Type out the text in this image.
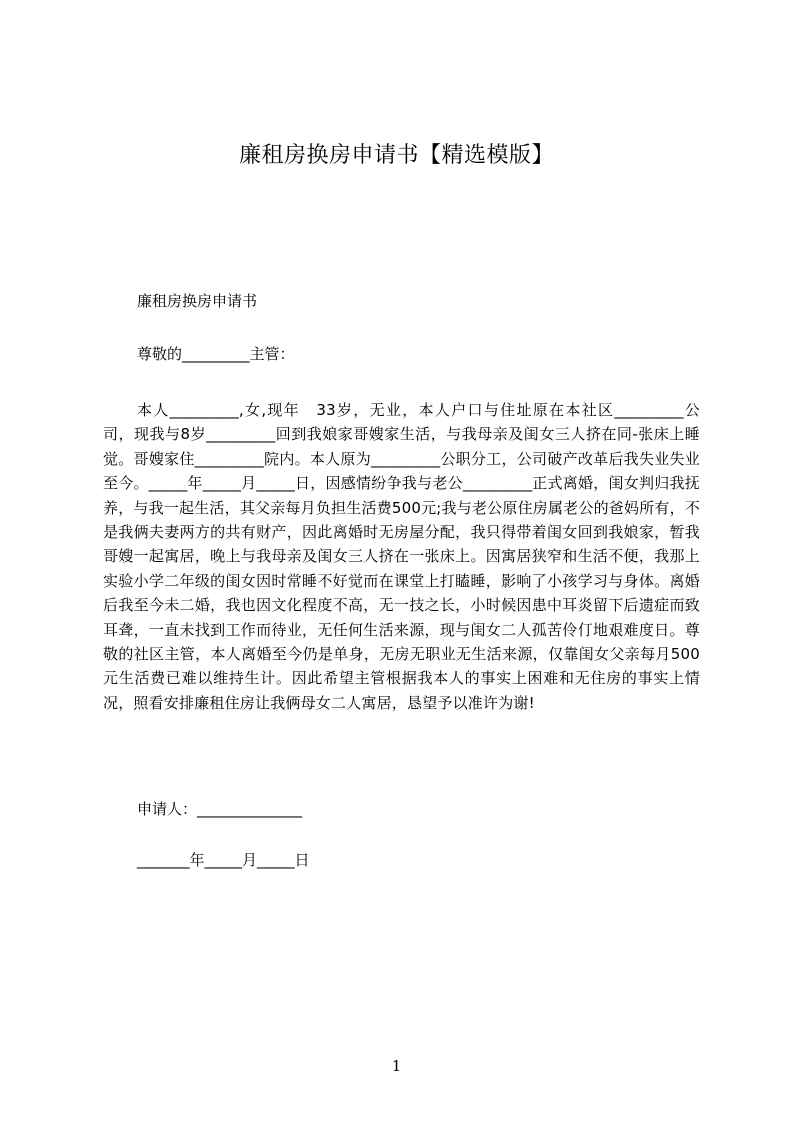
廉租房换房申请书【精选模版】
廉租房换房申请书
尊敬的_________主管：

本人_________,女,现年　33岁，无业，本人户口与住址原在本社区_________公司，现我与8岁_________回到我娘家哥嫂家生活，与我母亲及闺女三人挤在同-张床上睡觉。哥嫂家住_________院内。本人原为_________公职分工，公司破产改革后我失业失业至今。_____年_____月_____日，因感情纷争我与老公_________正式离婚，闺女判归我抚养，与我一起生活，其父亲每月负担生活费500元;我与老公原住房属老公的爸妈所有，不是我俩夫妻两方的共有财产，因此离婚时无房屋分配，我只得带着闺女回到我娘家，暂我哥嫂一起寓居，晚上与我母亲及闺女三人挤在一张床上。因寓居狭窄和生活不便，我那上实验小学二年级的闺女因时常睡不好觉而在课堂上打瞌睡，影响了小孩学习与身体。离婚后我至今未二婚，我也因文化程度不高，无一技之长，小时候因患中耳炎留下后遗症而致耳聋，一直未找到工作而待业，无任何生活来源，现与闺女二人孤苦伶仃地艰难度日。尊敬的社区主管，本人离婚至今仍是单身，无房无职业无生活来源，仅靠闺女父亲每月500元生活费已难以维持生计。因此希望主管根据我本人的事实上困难和无住房的事实上情况，照看安排廉租住房让我俩母女二人寓居，恳望予以准许为谢!

申请人：______________
_______年_____月_____日
1
